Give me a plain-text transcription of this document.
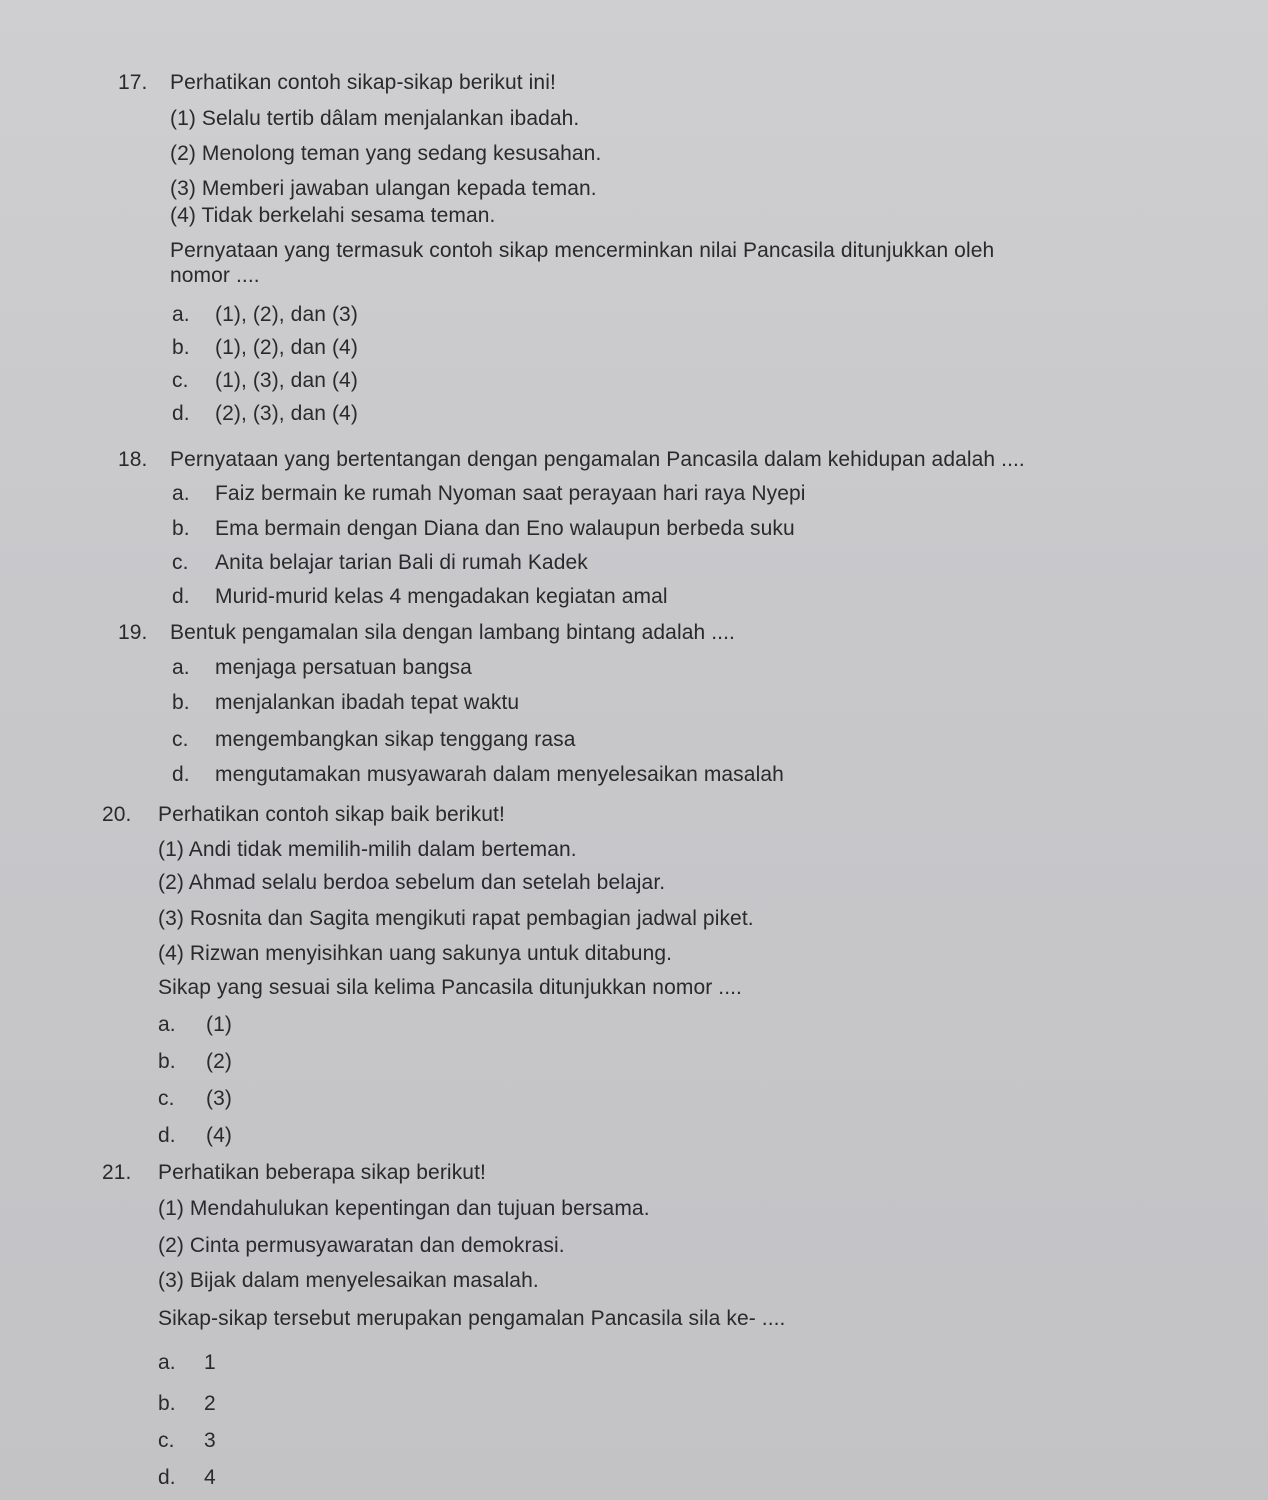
17. Perhatikan contoh sikap-sikap berikut ini!
(1) Selalu tertib dâlam menjalankan ibadah.
(2) Menolong teman yang sedang kesusahan.
(3) Memberi jawaban ulangan kepada teman.
(4) Tidak berkelahi sesama teman.
Pernyataan yang termasuk contoh sikap mencerminkan nilai Pancasila ditunjukkan oleh
nomor ....
a. (1), (2), dan (3)
b. (1), (2), dan (4)
c. (1), (3), dan (4)
d. (2), (3), dan (4)
18. Pernyataan yang bertentangan dengan pengamalan Pancasila dalam kehidupan adalah ....
a. Faiz bermain ke rumah Nyoman saat perayaan hari raya Nyepi
b. Ema bermain dengan Diana dan Eno walaupun berbeda suku
c. Anita belajar tarian Bali di rumah Kadek
d. Murid-murid kelas 4 mengadakan kegiatan amal
19. Bentuk pengamalan sila dengan lambang bintang adalah ....
a. menjaga persatuan bangsa
b. menjalankan ibadah tepat waktu
c. mengembangkan sikap tenggang rasa
d. mengutamakan musyawarah dalam menyelesaikan masalah
20. Perhatikan contoh sikap baik berikut!
(1) Andi tidak memilih-milih dalam berteman.
(2) Ahmad selalu berdoa sebelum dan setelah belajar.
(3) Rosnita dan Sagita mengikuti rapat pembagian jadwal piket.
(4) Rizwan menyisihkan uang sakunya untuk ditabung.
Sikap yang sesuai sila kelima Pancasila ditunjukkan nomor ....
a. (1)
b. (2)
c. (3)
d. (4)
21. Perhatikan beberapa sikap berikut!
(1) Mendahulukan kepentingan dan tujuan bersama.
(2) Cinta permusyawaratan dan demokrasi.
(3) Bijak dalam menyelesaikan masalah.
Sikap-sikap tersebut merupakan pengamalan Pancasila sila ke- ....
a. 1
b. 2
c. 3
d. 4
